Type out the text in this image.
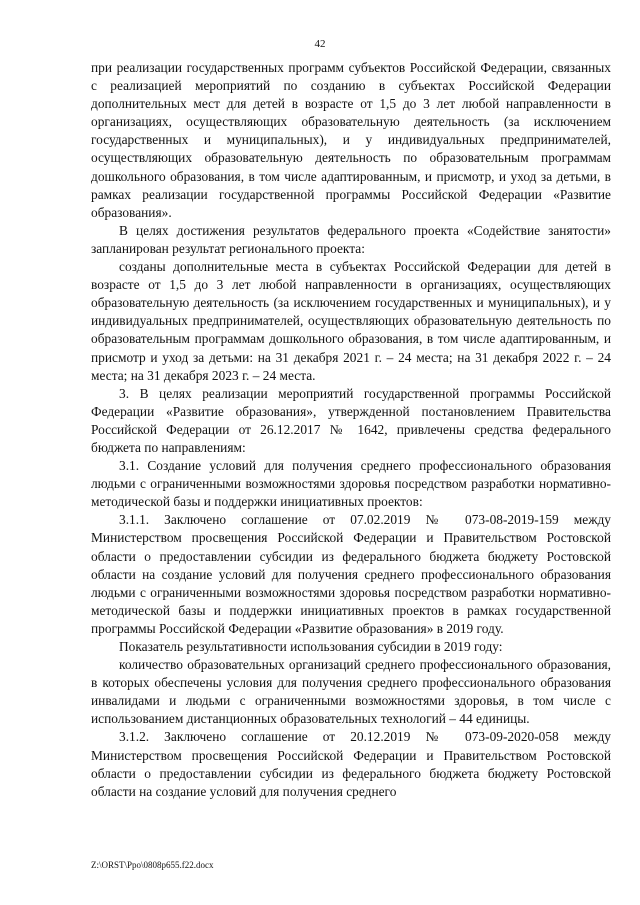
42

при реализации государственных программ субъектов Российской Федерации, связанных с реализацией мероприятий по созданию в субъектах Российской Федерации дополнительных мест для детей в возрасте от 1,5 до 3 лет любой направленности в организациях, осуществляющих образовательную деятельность (за исключением государственных и муниципальных), и у индивидуальных предпринимателей, осуществляющих образовательную деятельность по образовательным программам дошкольного образования, в том числе адаптированным, и присмотр, и уход за детьми, в рамках реализации государственной программы Российской Федерации «Развитие образования».

В целях достижения результатов федерального проекта «Содействие занятости» запланирован результат регионального проекта:

созданы дополнительные места в субъектах Российской Федерации для детей в возрасте от 1,5 до 3 лет любой направленности в организациях, осуществляющих образовательную деятельность (за исключением государственных и муниципальных), и у индивидуальных предпринимателей, осуществляющих образовательную деятельность по образовательным программам дошкольного образования, в том числе адаптированным, и присмотр и уход за детьми: на 31 декабря 2021 г. – 24 места; на 31 декабря 2022 г. – 24 места; на 31 декабря 2023 г. – 24 места.

3. В целях реализации мероприятий государственной программы Российской Федерации «Развитие образования», утвержденной постановлением Правительства Российской Федерации от 26.12.2017 № 1642, привлечены средства федерального бюджета по направлениям:

3.1. Создание условий для получения среднего профессионального образования людьми с ограниченными возможностями здоровья посредством разработки нормативно-методической базы и поддержки инициативных проектов:

3.1.1. Заключено соглашение от 07.02.2019 № 073-08-2019-159 между Министерством просвещения Российской Федерации и Правительством Ростовской области о предоставлении субсидии из федерального бюджета бюджету Ростовской области на создание условий для получения среднего профессионального образования людьми с ограниченными возможностями здоровья посредством разработки нормативно-методической базы и поддержки инициативных проектов в рамках государственной программы Российской Федерации «Развитие образования» в 2019 году.

Показатель результативности использования субсидии в 2019 году:

количество образовательных организаций среднего профессионального образования, в которых обеспечены условия для получения среднего профессионального образования инвалидами и людьми с ограниченными возможностями здоровья, в том числе с использованием дистанционных образовательных технологий – 44 единицы.

3.1.2. Заключено соглашение от 20.12.2019 № 073-09-2020-058 между Министерством просвещения Российской Федерации и Правительством Ростовской области о предоставлении субсидии из федерального бюджета бюджету Ростовской области на создание условий для получения среднего

Z:\ORST\Ppo\0808p655.f22.docx
